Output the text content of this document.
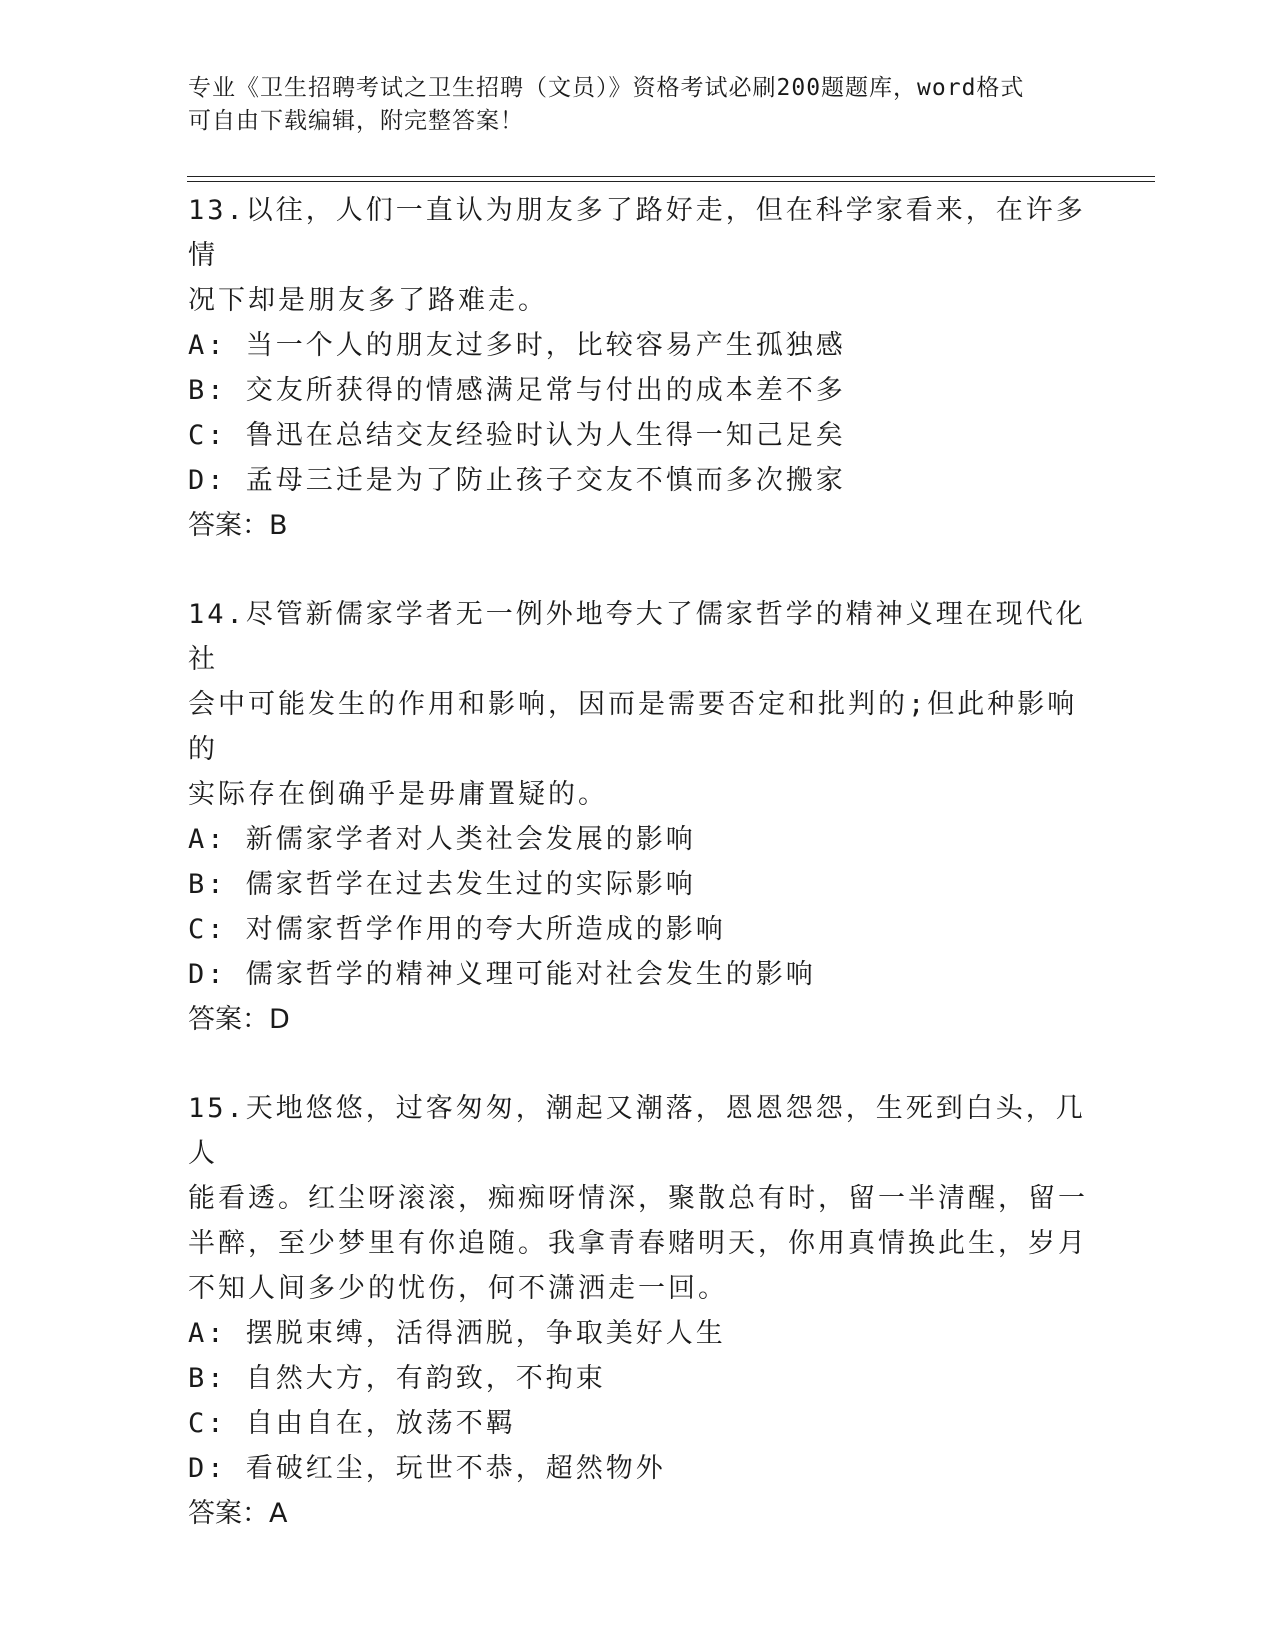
专业《卫生招聘考试之卫生招聘（文员）》资格考试必刷200题题库，word格式
可自由下载编辑，附完整答案！
13.以往，人们一直认为朋友多了路好走，但在科学家看来，在许多情
况下却是朋友多了路难走。
A: 当一个人的朋友过多时，比较容易产生孤独感
B: 交友所获得的情感满足常与付出的成本差不多
C: 鲁迅在总结交友经验时认为人生得一知己足矣
D: 孟母三迁是为了防止孩子交友不慎而多次搬家
答案：B
14.尽管新儒家学者无一例外地夸大了儒家哲学的精神义理在现代化社
会中可能发生的作用和影响，因而是需要否定和批判的;但此种影响的
实际存在倒确乎是毋庸置疑的。
A: 新儒家学者对人类社会发展的影响
B: 儒家哲学在过去发生过的实际影响
C: 对儒家哲学作用的夸大所造成的影响
D: 儒家哲学的精神义理可能对社会发生的影响
答案：D
15.天地悠悠，过客匆匆，潮起又潮落，恩恩怨怨，生死到白头，几人
能看透。红尘呀滚滚，痴痴呀情深，聚散总有时，留一半清醒，留一
半醉，至少梦里有你追随。我拿青春赌明天，你用真情换此生，岁月
不知人间多少的忧伤，何不潇洒走一回。
A: 摆脱束缚，活得洒脱，争取美好人生
B: 自然大方，有韵致，不拘束
C: 自由自在，放荡不羁
D: 看破红尘，玩世不恭，超然物外
答案：A
